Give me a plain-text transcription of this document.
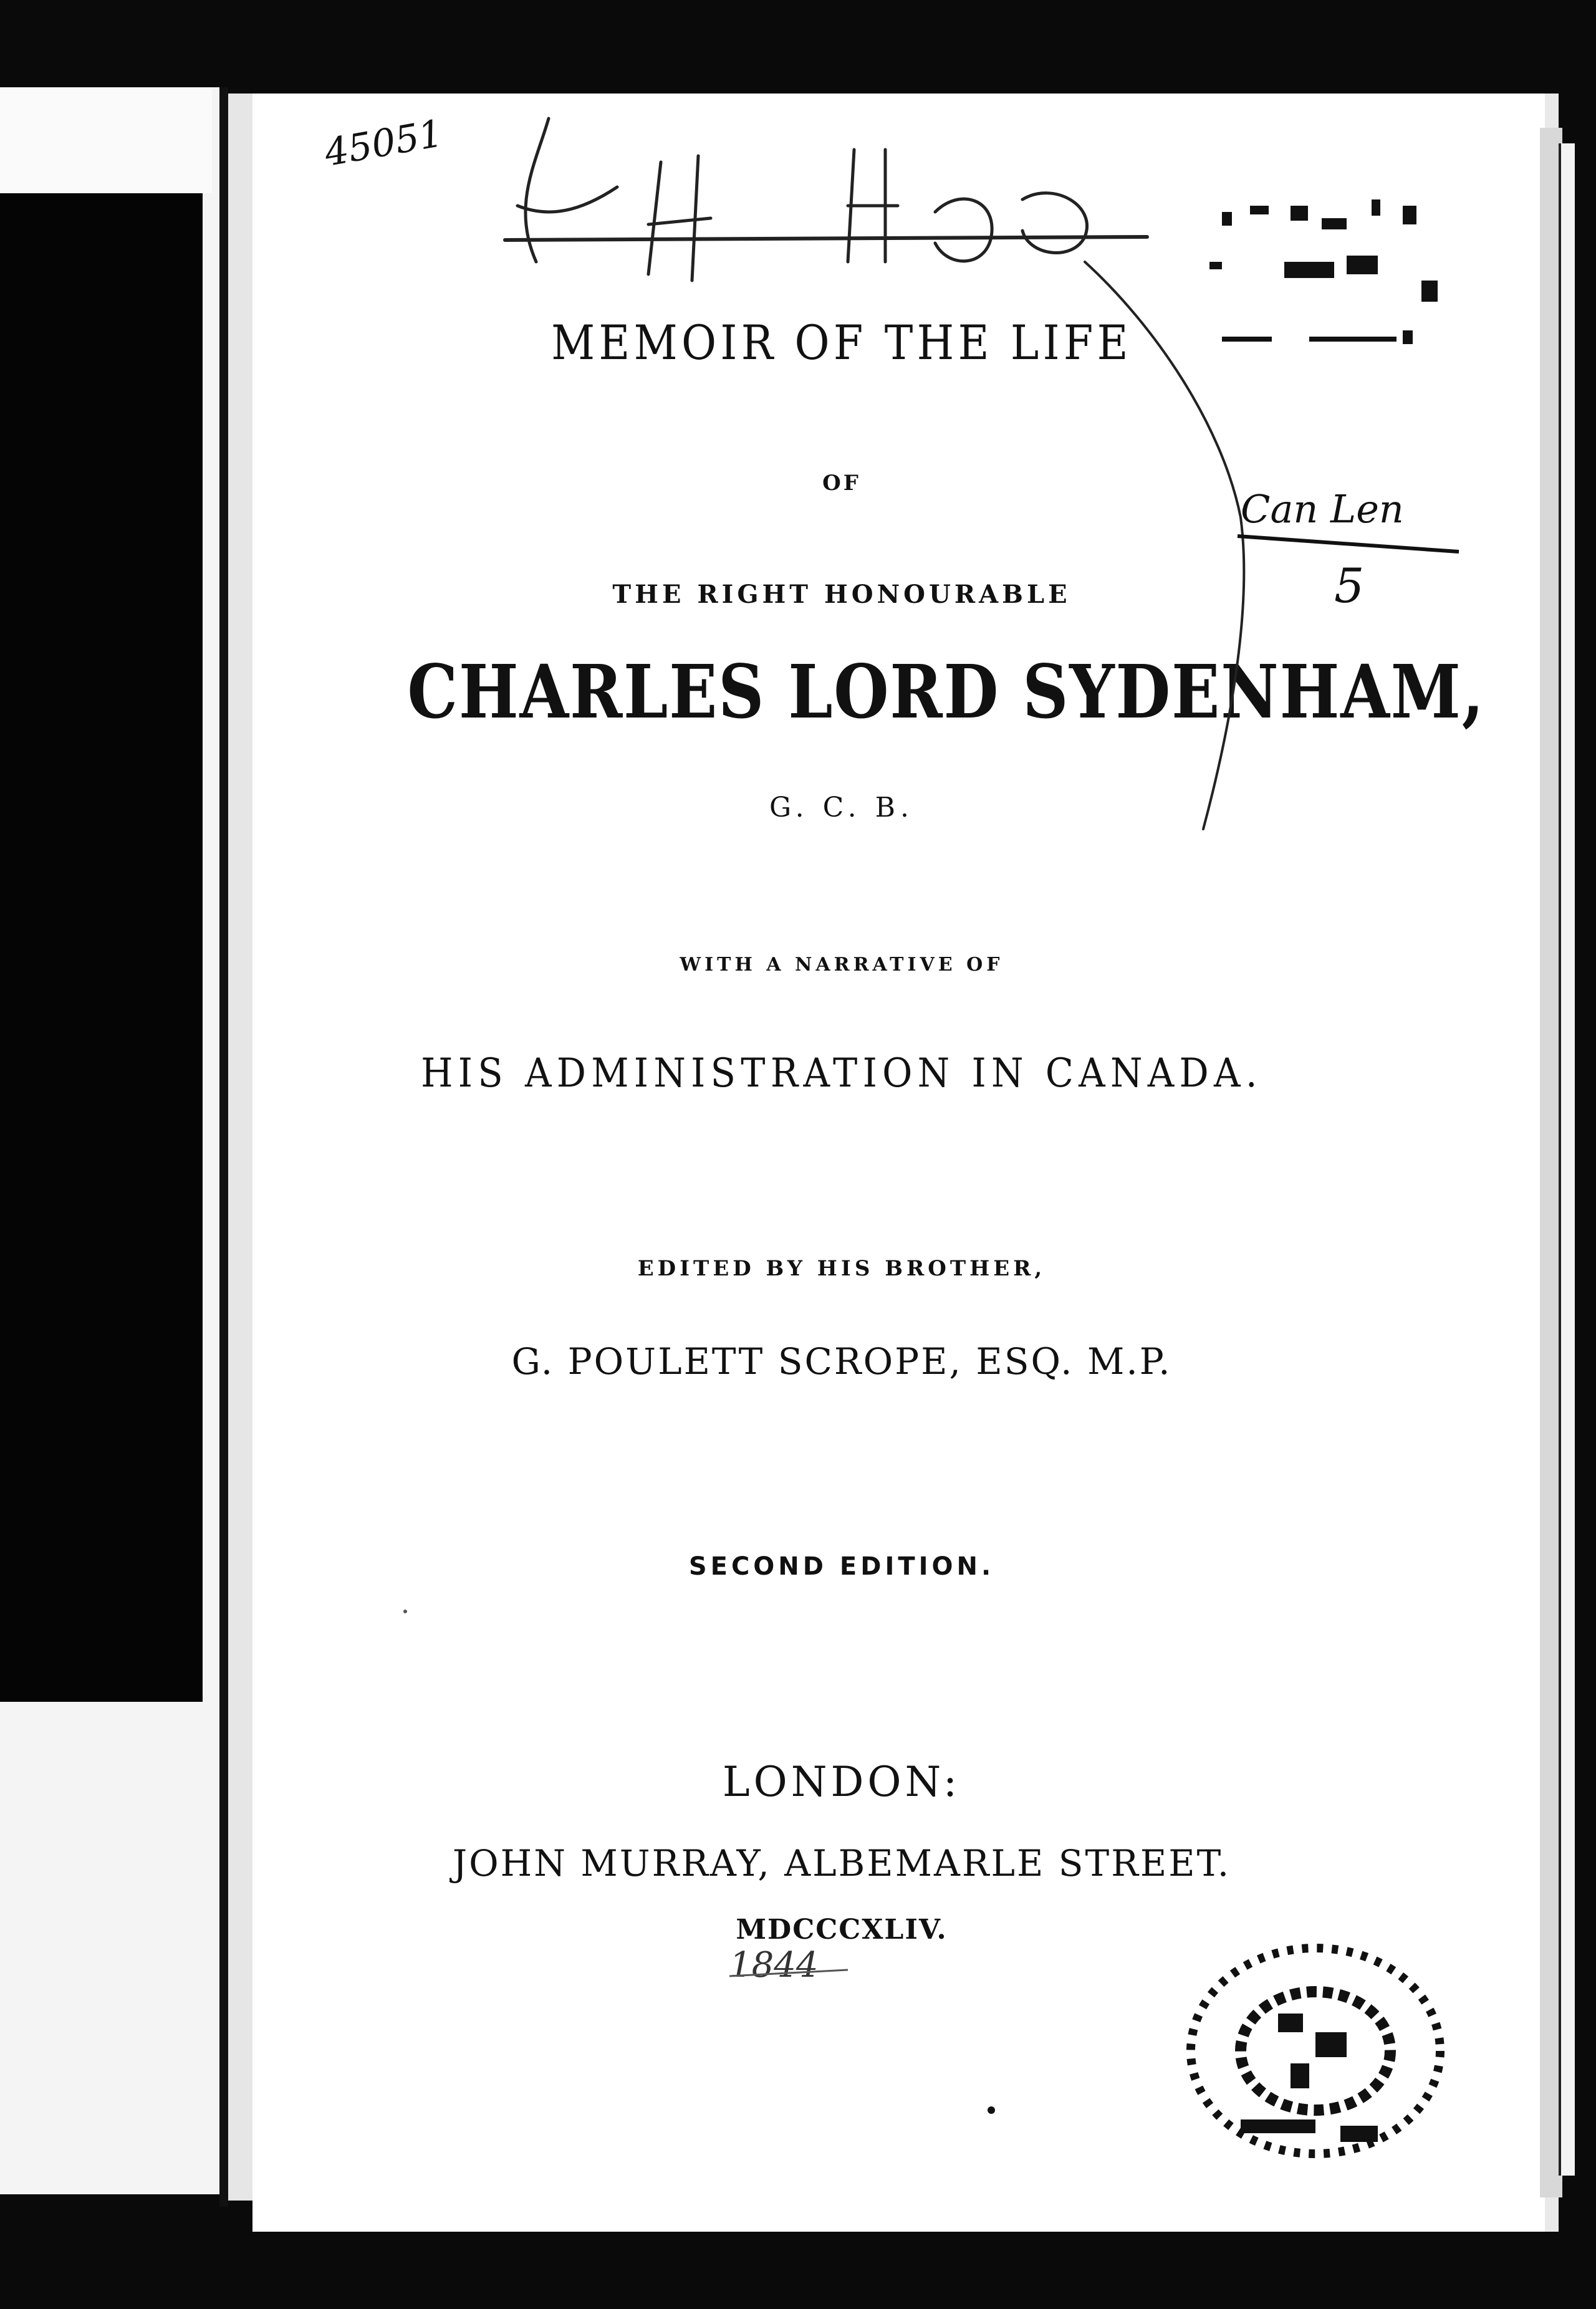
MEMOIR OF THE LIFE
OF
THE RIGHT HONOURABLE
CHARLES LORD SYDENHAM,
G. C. B.
WITH A NARRATIVE OF
HIS ADMINISTRATION IN CANADA.
EDITED BY HIS BROTHER,
G. POULETT SCROPE, ESQ. M.P.
SECOND EDITION.
LONDON:
JOHN MURRAY, ALBEMARLE STREET.
MDCCCXLIV.
45051
1844
Can Len
5
